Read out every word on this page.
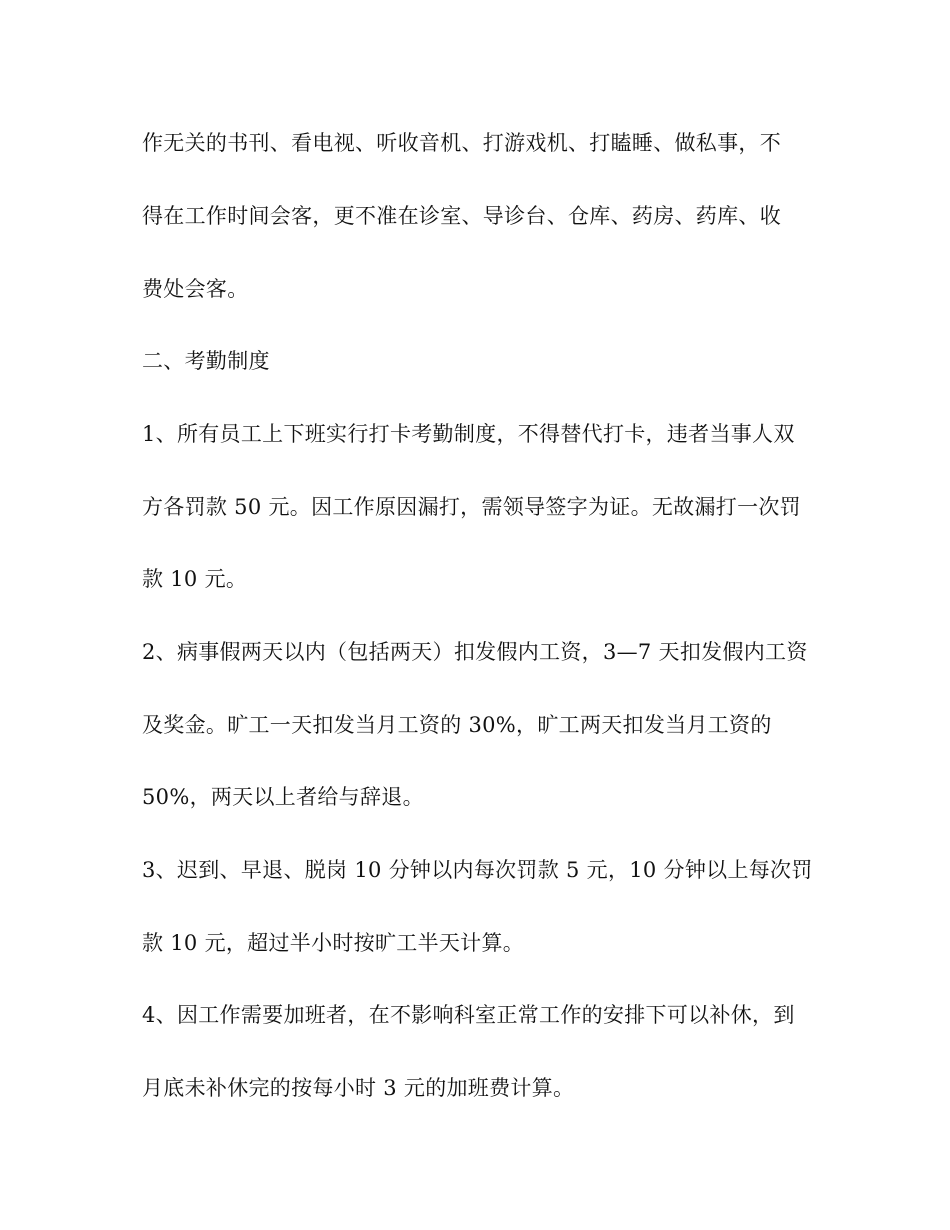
作无关的书刊、看电视、听收音机、打游戏机、打瞌睡、做私事，不
得在工作时间会客，更不准在诊室、导诊台、仓库、药房、药库、收
费处会客。
二、考勤制度
1、所有员工上下班实行打卡考勤制度，不得替代打卡，违者当事人双
方各罚款 50 元。因工作原因漏打，需领导签字为证。无故漏打一次罚
款 10 元。
2、病事假两天以内（包括两天）扣发假内工资，3—7 天扣发假内工资
及奖金。旷工一天扣发当月工资的 30%，旷工两天扣发当月工资的
50%，两天以上者给与辞退。
3、迟到、早退、脱岗 10 分钟以内每次罚款 5 元，10 分钟以上每次罚
款 10 元，超过半小时按旷工半天计算。
4、因工作需要加班者，在不影响科室正常工作的安排下可以补休，到
月底未补休完的按每小时 3 元的加班费计算。
